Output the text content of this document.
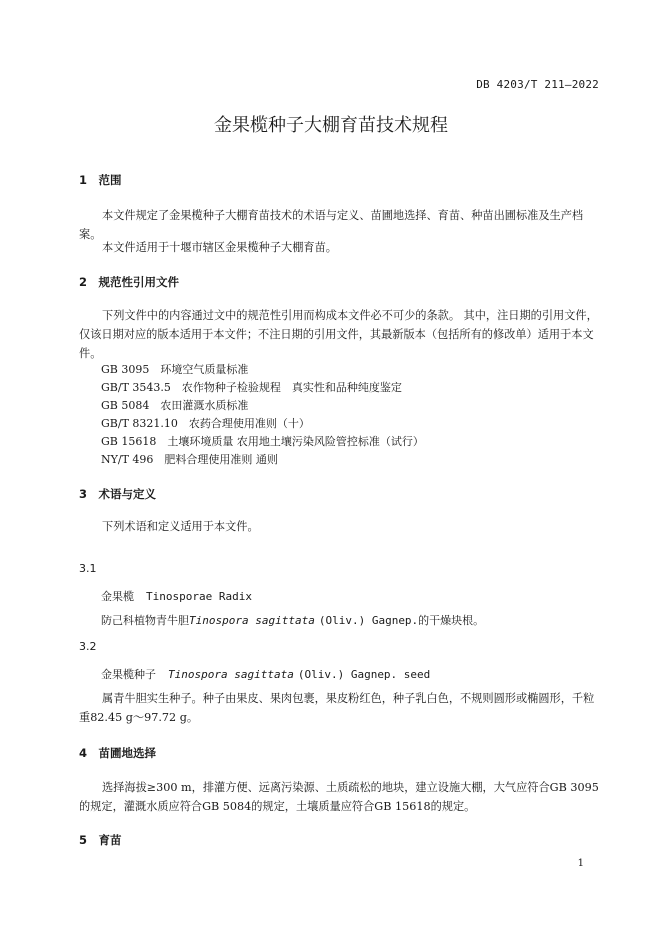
DB 4203/T 211—2022
金果榄种子大棚育苗技术规程
1　范围
本文件规定了金果榄种子大棚育苗技术的术语与定义、苗圃地选择、育苗、种苗出圃标准及生产档案。
本文件适用于十堰市辖区金果榄种子大棚育苗。
2　规范性引用文件
下列文件中的内容通过文中的规范性引用而构成本文件必不可少的条款。 其中，注日期的引用文件，仅该日期对应的版本适用于本文件；不注日期的引用文件，其最新版本（包括所有的修改单）适用于本文件。
GB 3095　环境空气质量标准
GB/T 3543.5　农作物种子检验规程　真实性和品种纯度鉴定
GB 5084　农田灌溉水质标准
GB/T 8321.10　农药合理使用准则（十）
GB 15618　土壤环境质量 农用地土壤污染风险管控标准（试行）
NY/T 496　肥料合理使用准则 通则
3　术语与定义
下列术语和定义适用于本文件。
3.1
金果榄 Tinosporae Radix
防己科植物青牛胆Tinospora sagittata (Oliv.) Gagnep.的干燥块根。
3.2
金果榄种子 Tinospora sagittata (Oliv.) Gagnep. seed
属青牛胆实生种子。种子由果皮、果肉包裹，果皮粉红色，种子乳白色，不规则圆形或椭圆形，千粒重82.45 g～97.72 g。
4　苗圃地选择
选择海拔≥300 m，排灌方便、远离污染源、土质疏松的地块，建立设施大棚，大气应符合GB 3095的规定，灌溉水质应符合GB 5084的规定，土壤质量应符合GB 15618的规定。
5　育苗
1
